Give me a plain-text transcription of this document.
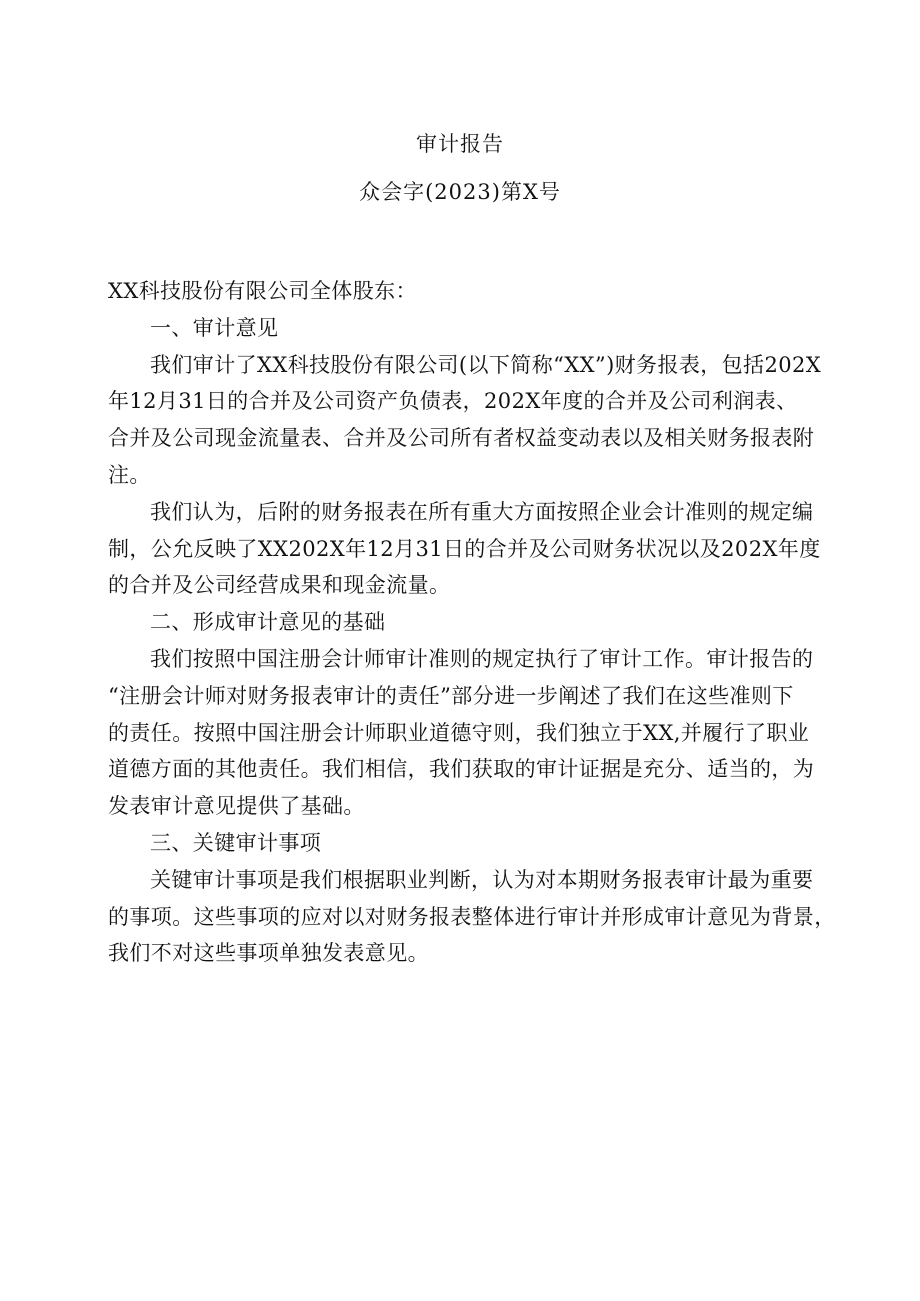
审计报告
众会字(2023)第X号

XX科技股份有限公司全体股东：

一、审计意见

我们审计了XX科技股份有限公司(以下简称“XX”)财务报表，包括202X

年12月31日的合并及公司资产负债表，202X年度的合并及公司利润表、

合并及公司现金流量表、合并及公司所有者权益变动表以及相关财务报表附

注。

我们认为，后附的财务报表在所有重大方面按照企业会计准则的规定编

制，公允反映了XX202X年12月31日的合并及公司财务状况以及202X年度

的合并及公司经营成果和现金流量。

二、形成审计意见的基础

我们按照中国注册会计师审计准则的规定执行了审计工作。审计报告的

“注册会计师对财务报表审计的责任”部分进一步阐述了我们在这些准则下

的责任。按照中国注册会计师职业道德守则，我们独立于XX,并履行了职业

道德方面的其他责任。我们相信，我们获取的审计证据是充分、适当的，为

发表审计意见提供了基础。

三、关键审计事项

关键审计事项是我们根据职业判断，认为对本期财务报表审计最为重要

的事项。这些事项的应对以对财务报表整体进行审计并形成审计意见为背景，

我们不对这些事项单独发表意见。
